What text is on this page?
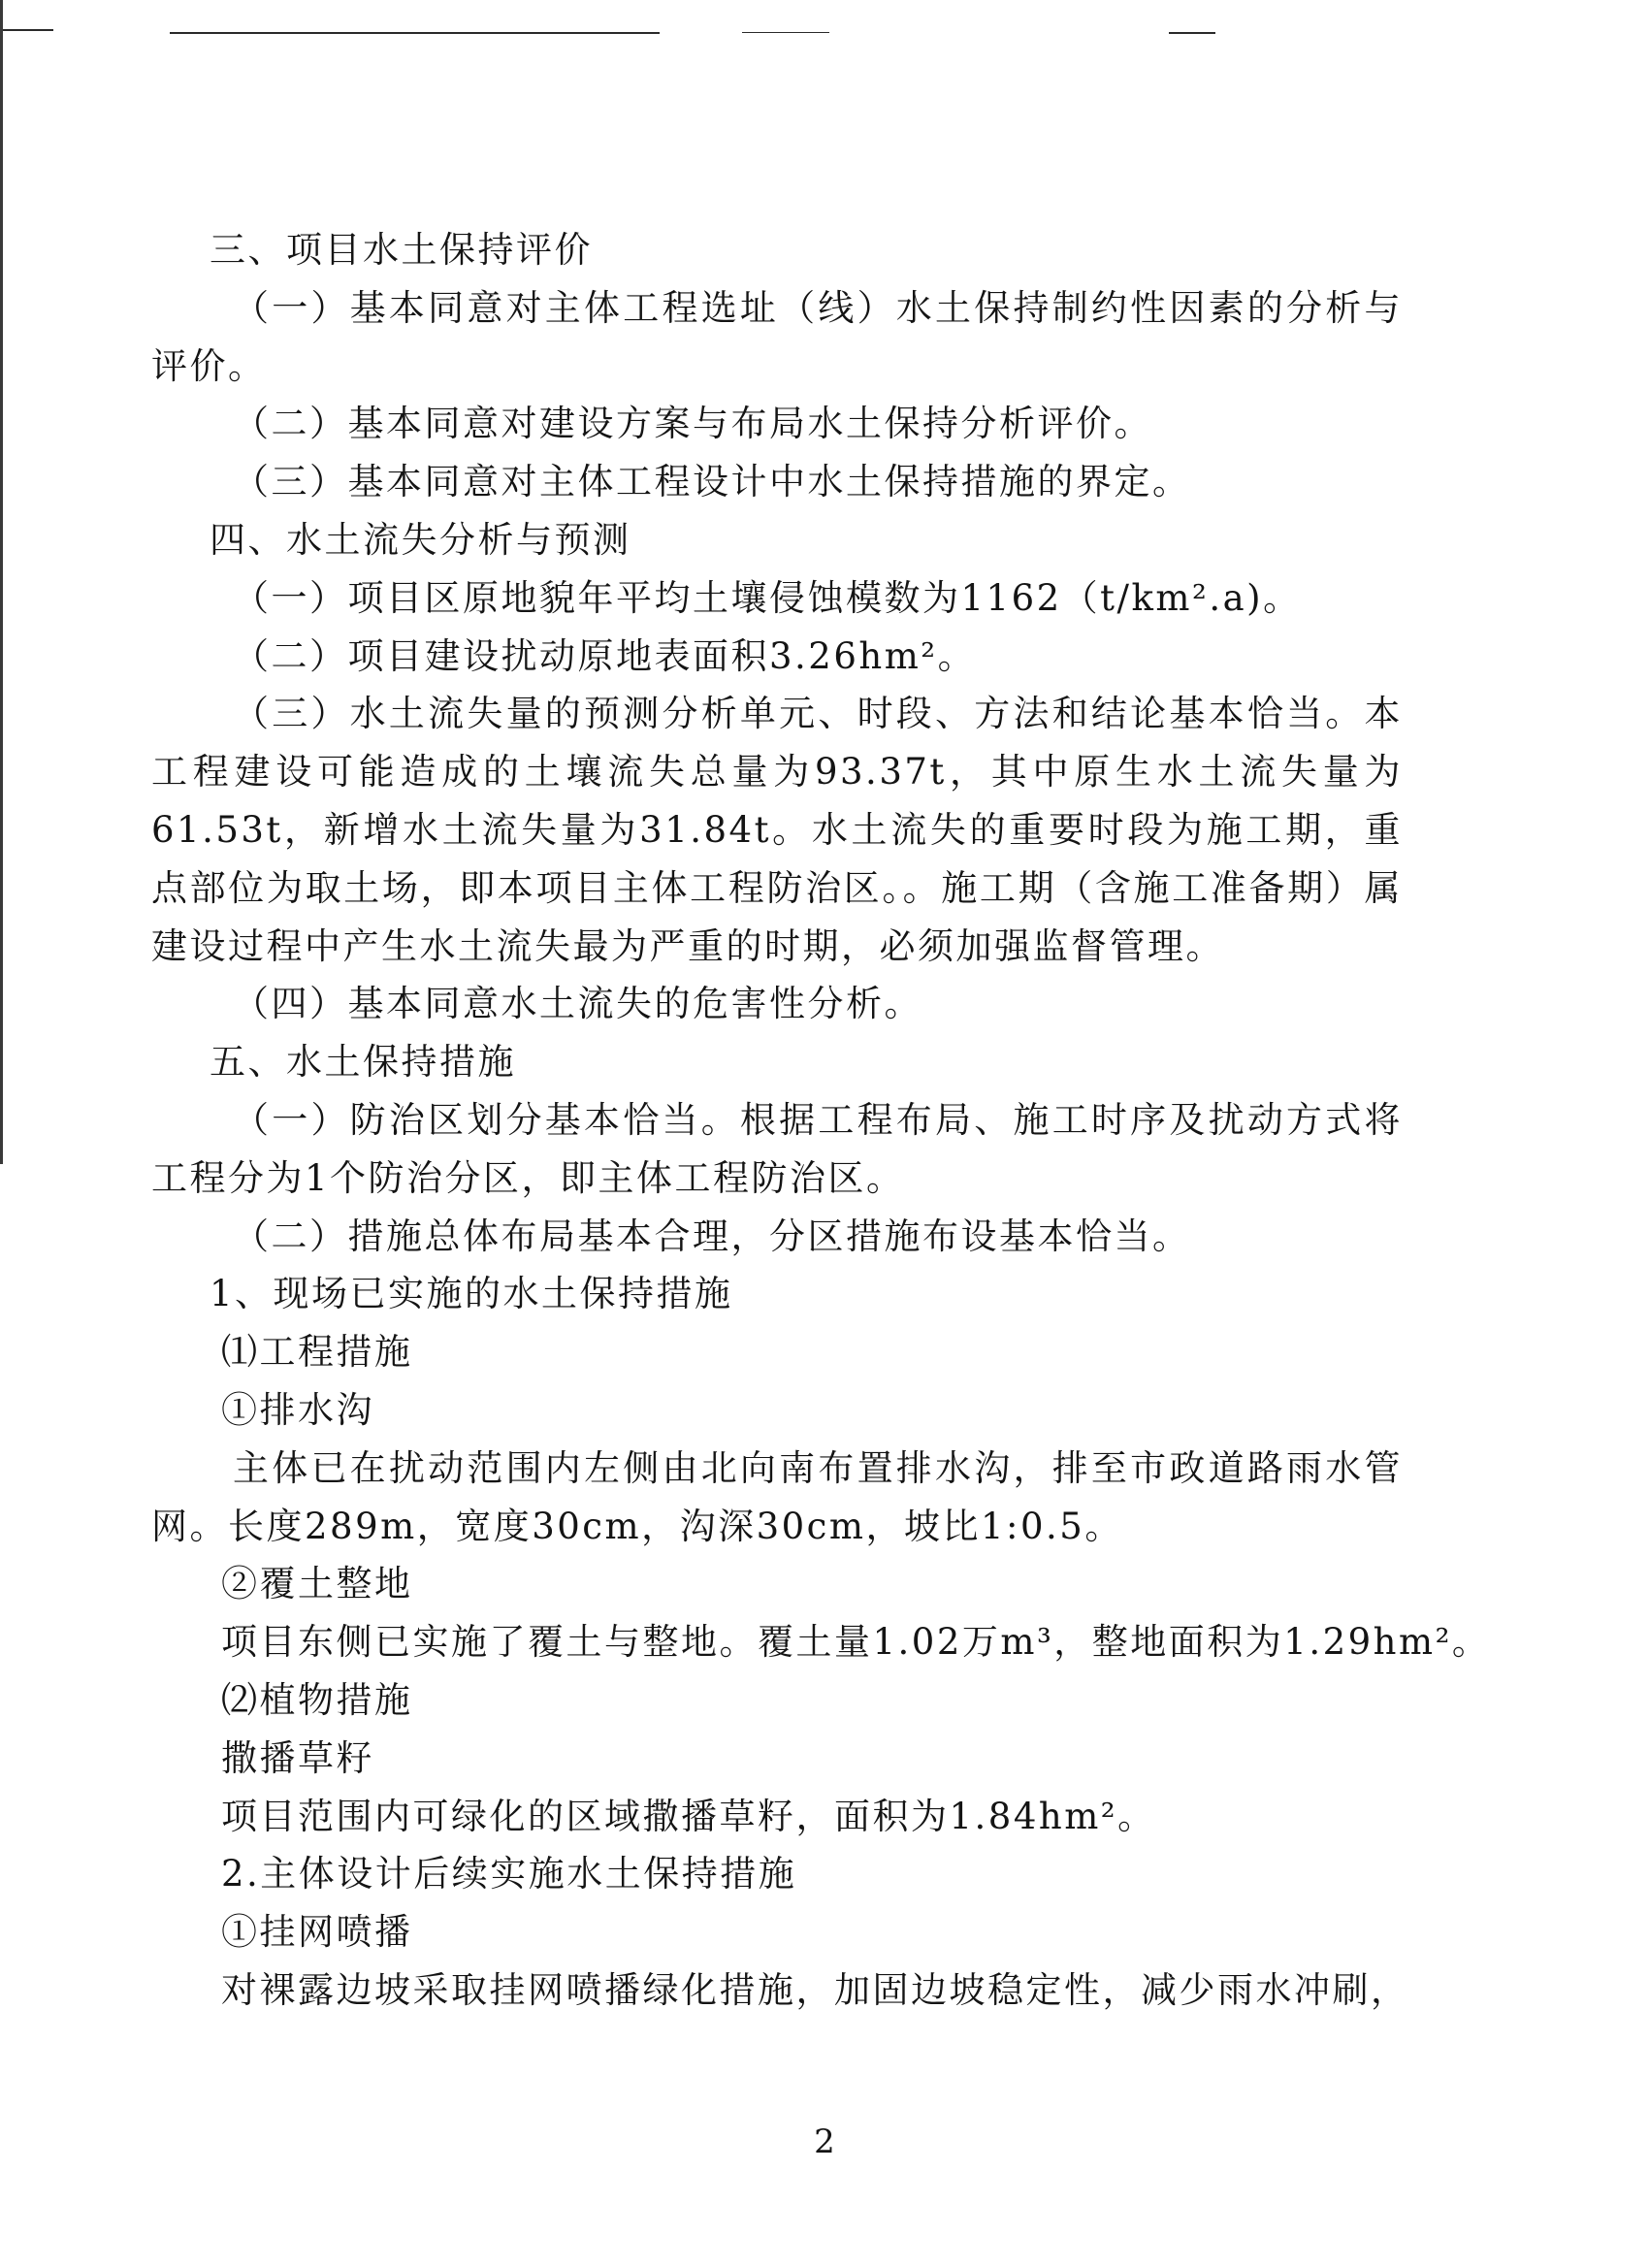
三、项目水土保持评价
（一）基本同意对主体工程选址（线）水土保持制约性因素的分析与评价。
（二）基本同意对建设方案与布局水土保持分析评价。
（三）基本同意对主体工程设计中水土保持措施的界定。
四、水土流失分析与预测
（一）项目区原地貌年平均土壤侵蚀模数为1162（t/km².a)。
（二）项目建设扰动原地表面积3.26hm²。
（三）水土流失量的预测分析单元、时段、方法和结论基本恰当。本工程建设可能造成的土壤流失总量为93.37t，其中原生水土流失量为61.53t，新增水土流失量为31.84t。水土流失的重要时段为施工期，重点部位为取土场，即本项目主体工程防治区。。施工期（含施工准备期）属建设过程中产生水土流失最为严重的时期，必须加强监督管理。
（四）基本同意水土流失的危害性分析。
五、水土保持措施
（一）防治区划分基本恰当。根据工程布局、施工时序及扰动方式将工程分为1个防治分区，即主体工程防治区。
（二）措施总体布局基本合理，分区措施布设基本恰当。
1、现场已实施的水土保持措施
⑴工程措施
①排水沟
主体已在扰动范围内左侧由北向南布置排水沟，排至市政道路雨水管网。长度289m，宽度30cm，沟深30cm，坡比1:0.5。
②覆土整地
项目东侧已实施了覆土与整地。覆土量1.02万m³，整地面积为1.29hm²。
⑵植物措施
撒播草籽
项目范围内可绿化的区域撒播草籽，面积为1.84hm²。
2.主体设计后续实施水土保持措施
①挂网喷播
对裸露边坡采取挂网喷播绿化措施，加固边坡稳定性，减少雨水冲刷，
2
